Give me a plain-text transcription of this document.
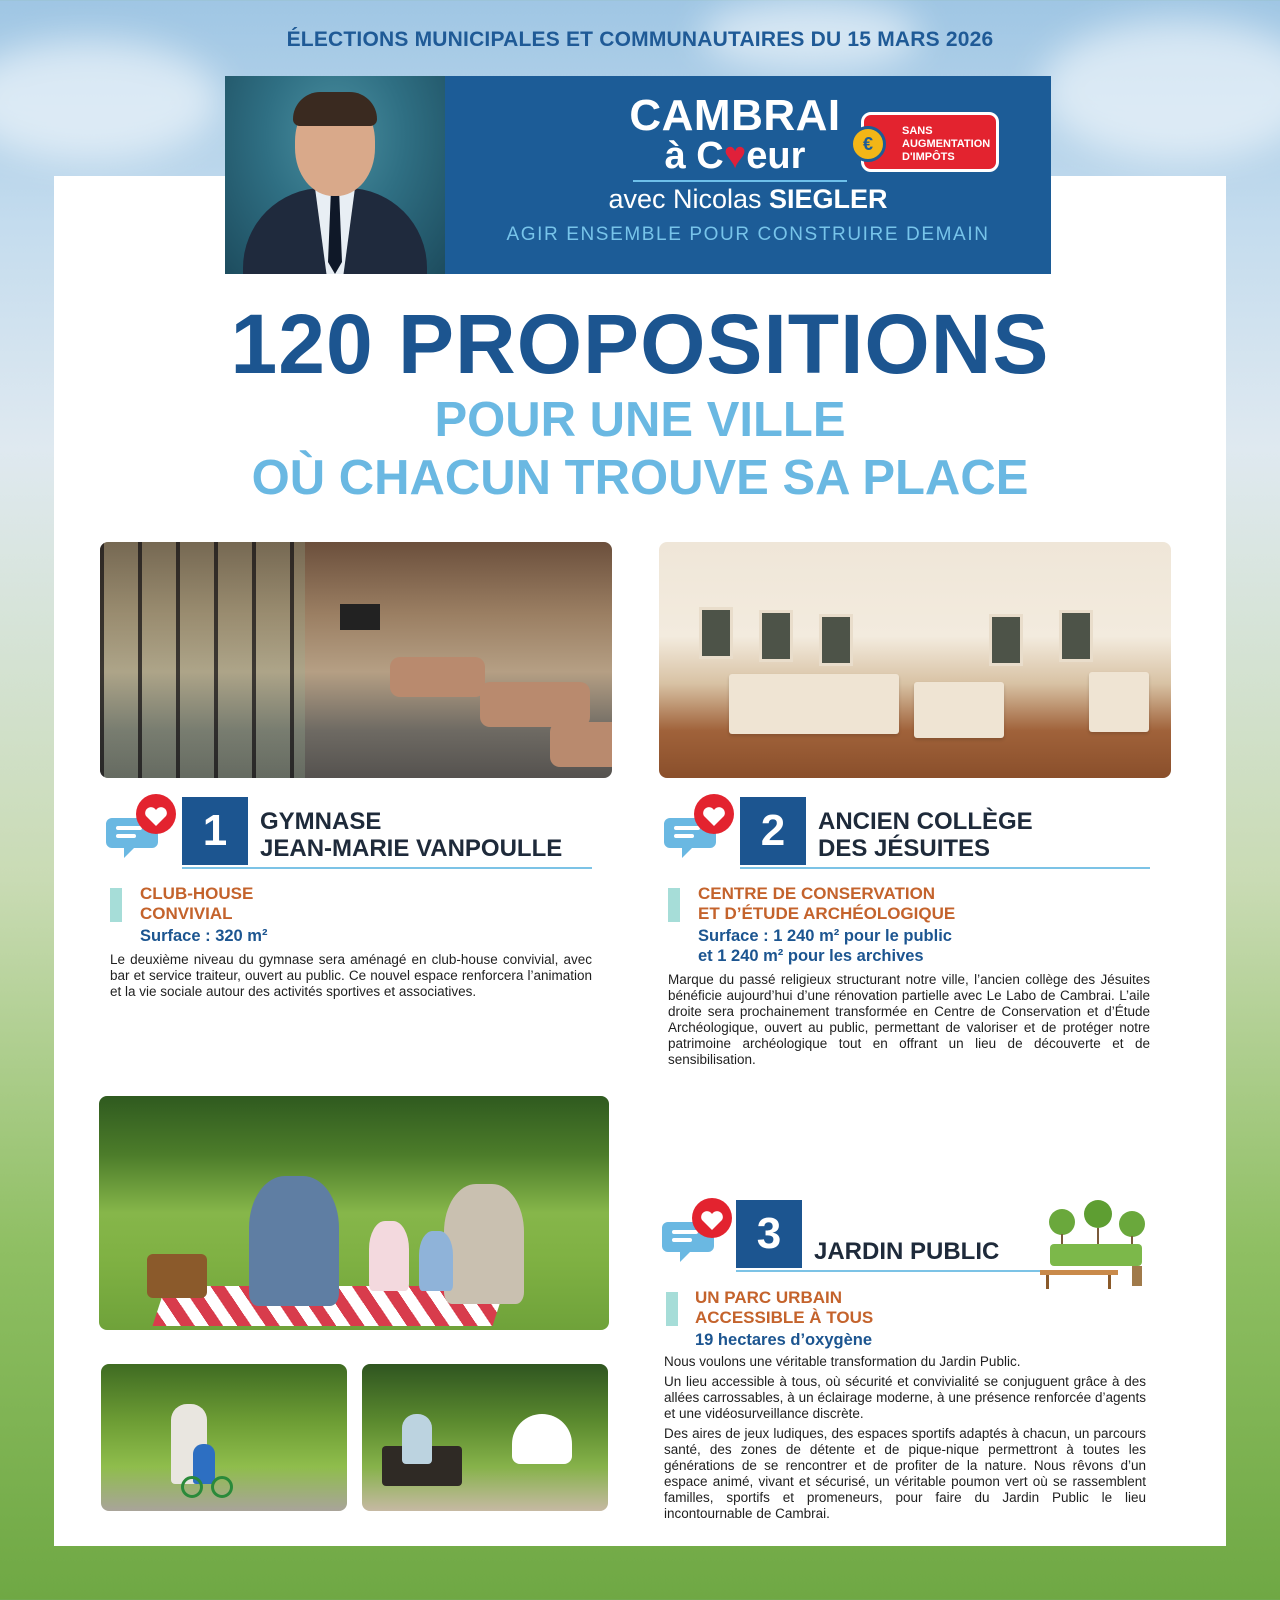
ÉLECTIONS MUNICIPALES ET COMMUNAUTAIRES DU 15 MARS 2026
CAMBRAI
à C♥eur	€
SANS
AUGMENTATION
D'IMPÔTS
avec Nicolas SIEGLER
AGIR ENSEMBLE POUR CONSTRUIRE DEMAIN
120 PROPOSITIONS
POUR UNE VILLE
OÙ CHACUN TROUVE SA PLACE
1	GYMNASE
JEAN-MARIE VANPOULLE
CLUB-HOUSE
CONVIVIAL
Surface : 320 m²
Le deuxième niveau du gymnase sera aménagé en club-house convivial, avec bar et service traiteur, ouvert au public. Ce nouvel espace renforcera l’animation et la vie sociale autour des activités sportives et associatives.
2	ANCIEN COLLÈGE
DES JÉSUITES
CENTRE DE CONSERVATION
ET D’ÉTUDE ARCHÉOLOGIQUE
Surface : 1 240 m² pour le public
et 1 240 m² pour les archives
Marque du passé religieux structurant notre ville, l’ancien collège des Jésuites bénéficie aujourd’hui d’une rénovation partielle avec Le Labo de Cambrai. L’aile droite sera prochainement transformée en Centre de Conservation et d’Étude Archéologique, ouvert au public, permettant de valoriser et de protéger notre patrimoine archéologique tout en offrant un lieu de découverte et de sensibilisation.
3	JARDIN PUBLIC
UN PARC URBAIN
ACCESSIBLE À TOUS
19 hectares d’oxygène

Nous voulons une véritable transformation du Jardin Public.

Un lieu accessible à tous, où sécurité et convivialité se conjuguent grâce à des allées carrossables, à un éclairage moderne, à une présence renforcée d’agents et une vidéosurveillance discrète.

Des aires de jeux ludiques, des espaces sportifs adaptés à chacun, un parcours santé, des zones de détente et de pique-nique permettront à toutes les générations de se rencontrer et de profiter de la nature. Nous rêvons d’un espace animé, vivant et sécurisé, un véritable poumon vert où se rassemblent familles, sportifs et promeneurs, pour faire du Jardin Public le lieu incontournable de Cambrai.
